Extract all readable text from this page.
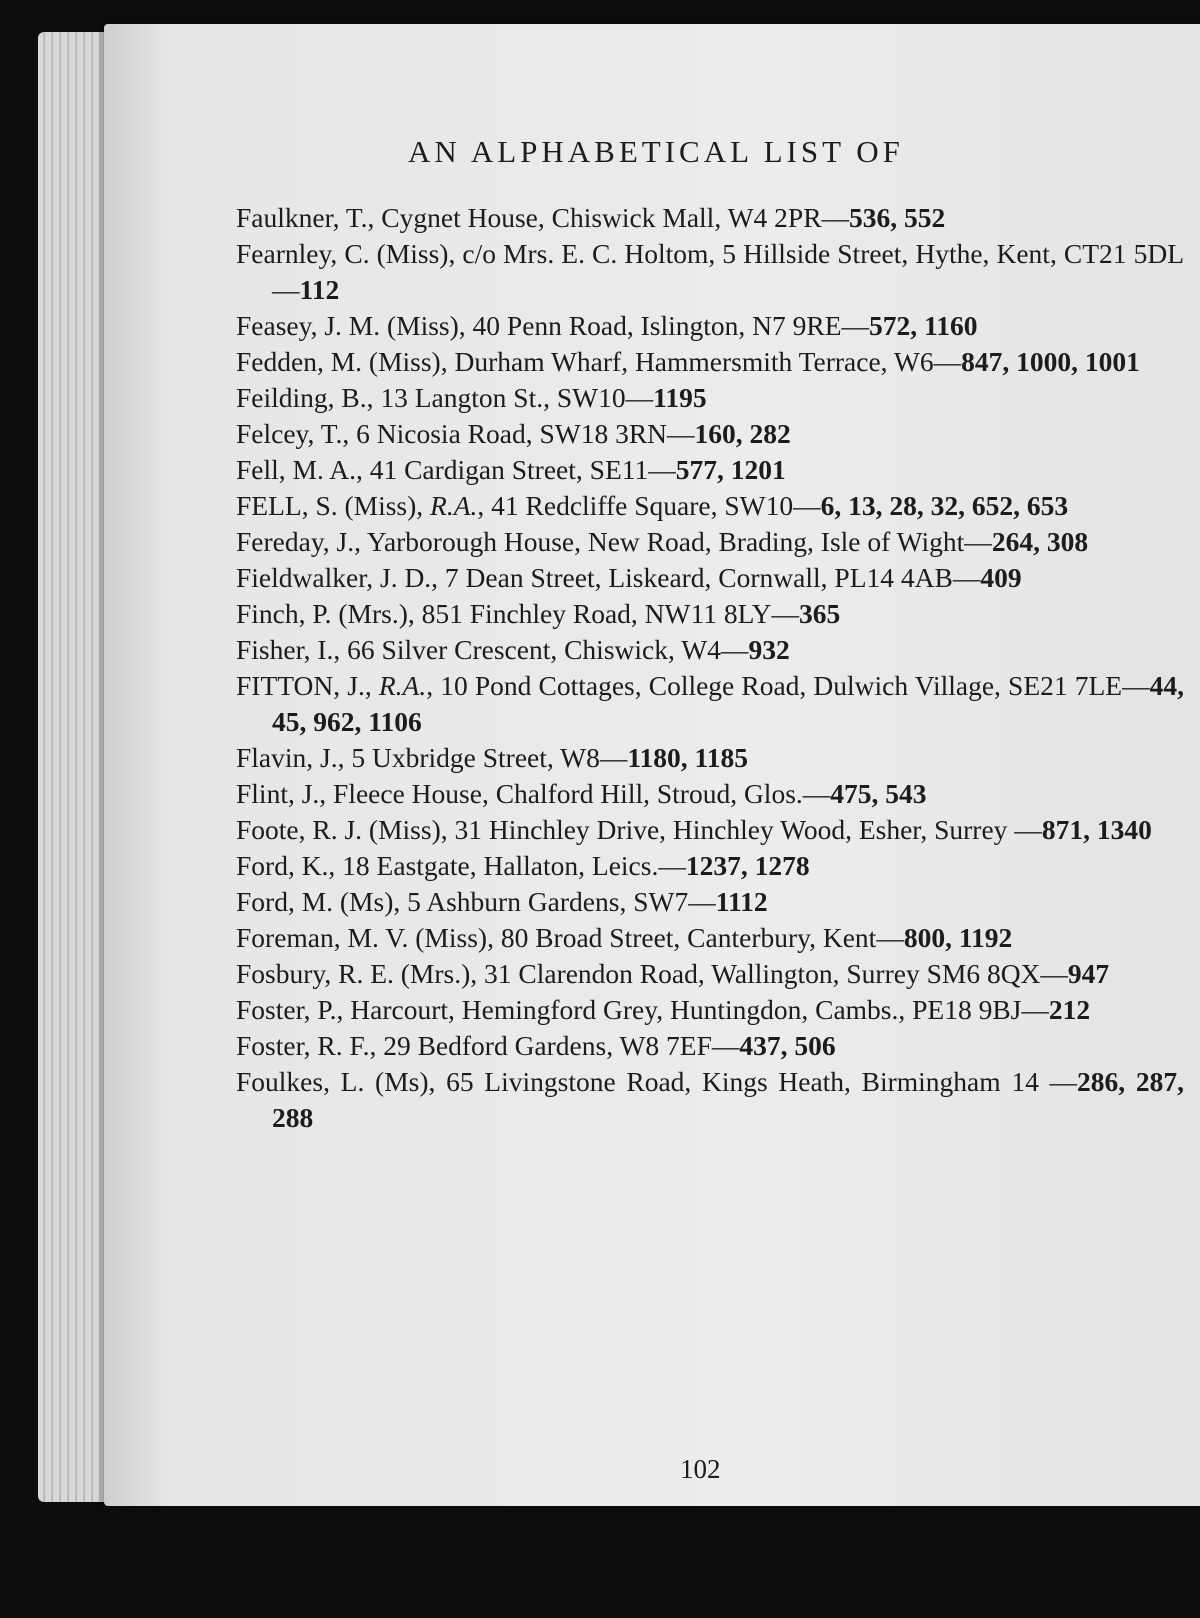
AN ALPHABETICAL LIST OF
Faulkner, T., Cygnet House, Chiswick Mall, W4 2PR—536, 552
Fearnley, C. (Miss), c/o Mrs. E. C. Holtom, 5 Hillside Street, Hythe, Kent, CT21 5DL—112
Feasey, J. M. (Miss), 40 Penn Road, Islington, N7 9RE—572, 1160
Fedden, M. (Miss), Durham Wharf, Hammersmith Terrace, W6—847, 1000, 1001
Feilding, B., 13 Langton St., SW10—1195
Felcey, T., 6 Nicosia Road, SW18 3RN—160, 282
Fell, M. A., 41 Cardigan Street, SE11—577, 1201
FELL, S. (Miss), R.A., 41 Redcliffe Square, SW10—6, 13, 28, 32, 652, 653
Fereday, J., Yarborough House, New Road, Brading, Isle of Wight—264, 308
Fieldwalker, J. D., 7 Dean Street, Liskeard, Cornwall, PL14 4AB—409
Finch, P. (Mrs.), 851 Finchley Road, NW11 8LY—365
Fisher, I., 66 Silver Crescent, Chiswick, W4—932
FITTON, J., R.A., 10 Pond Cottages, College Road, Dulwich Village, SE21 7LE—44, 45, 962, 1106
Flavin, J., 5 Uxbridge Street, W8—1180, 1185
Flint, J., Fleece House, Chalford Hill, Stroud, Glos.—475, 543
Foote, R. J. (Miss), 31 Hinchley Drive, Hinchley Wood, Esher, Surrey —871, 1340
Ford, K., 18 Eastgate, Hallaton, Leics.—1237, 1278
Ford, M. (Ms), 5 Ashburn Gardens, SW7—1112
Foreman, M. V. (Miss), 80 Broad Street, Canterbury, Kent—800, 1192
Fosbury, R. E. (Mrs.), 31 Clarendon Road, Wallington, Surrey SM6 8QX—947
Foster, P., Harcourt, Hemingford Grey, Huntingdon, Cambs., PE18 9BJ—212
Foster, R. F., 29 Bedford Gardens, W8 7EF—437, 506
Foulkes, L. (Ms), 65 Livingstone Road, Kings Heath, Birmingham 14 —286, 287, 288
102
